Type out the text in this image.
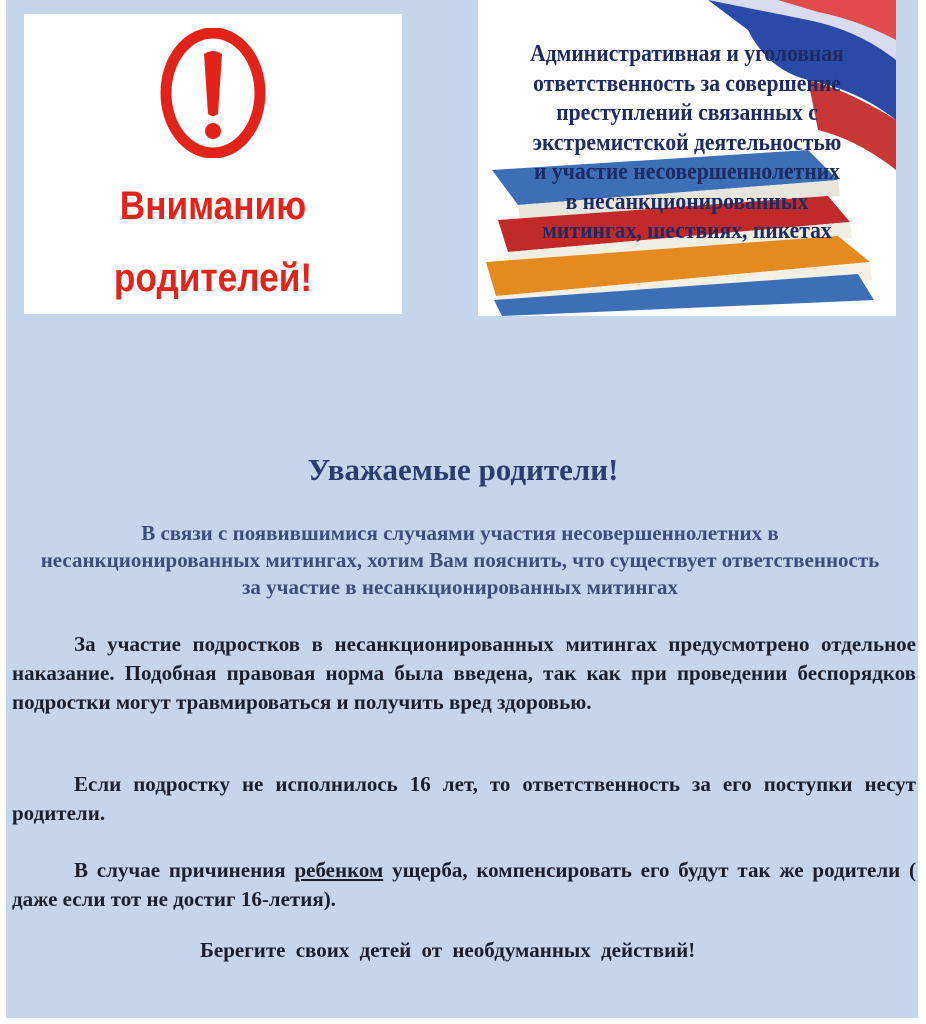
Вниманию
родителей!
Административная и уголовная
ответственность за совершение
преступлений связанных с
экстремистской деятельностью
и участие несовершеннолетних
в несанкционированных
митингах, шествиях, пикетах
Уважаемые родители!
В связи с появившимися случаями участия несовершеннолетних в несанкционированных митингах, хотим Вам пояснить, что существует ответственность за участие в несанкционированных митингах
За участие подростков в несанкционированных митингах предусмотрено отдельное наказание. Подобная правовая норма была введена, так как при проведении беспорядков подростки могут травмироваться и получить вред здоровью.
Если подростку не исполнилось 16 лет, то ответственность за его поступки несут родители.
В случае причинения ребенком ущерба, компенсировать его будут так же родители ( даже если тот не достиг 16-летия).
Берегите своих детей от необдуманных действий!
